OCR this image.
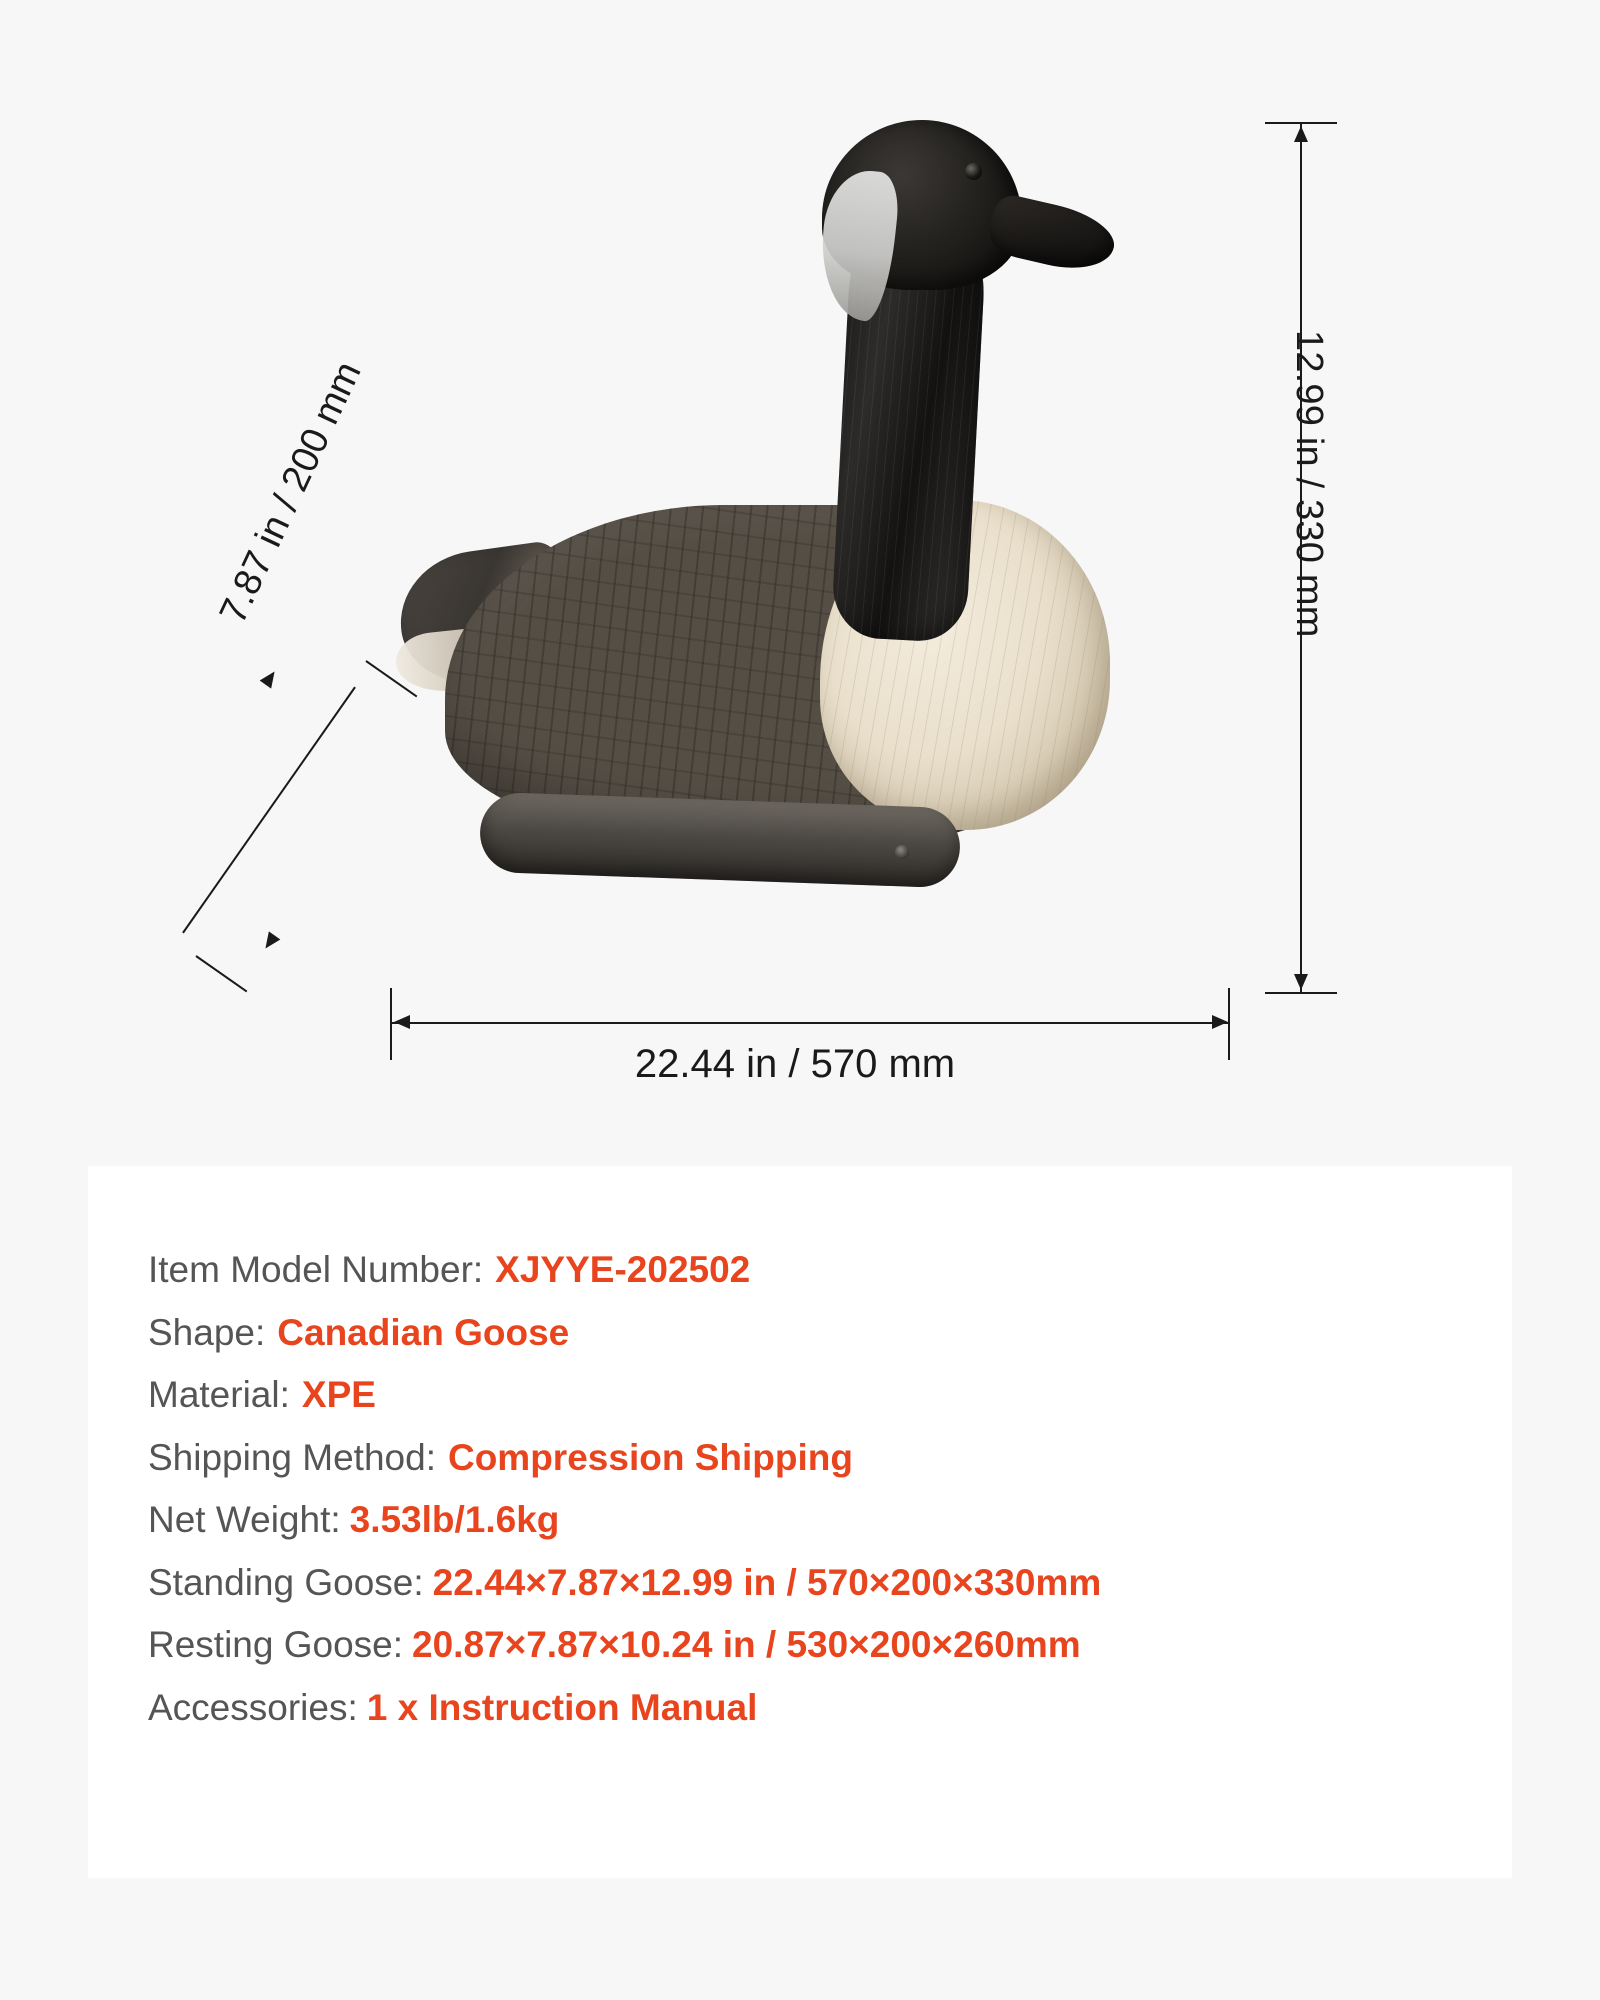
12.99 in / 330 mm
7.87 in / 200 mm
22.44 in / 570 mm
Item Model Number: XJYYE-202502
Shape: Canadian Goose
Material: XPE
Shipping Method: Compression Shipping
Net Weight: 3.53lb/1.6kg
Standing Goose: 22.44×7.87×12.99 in / 570×200×330mm
Resting Goose: 20.87×7.87×10.24 in / 530×200×260mm
Accessories: 1 x Instruction Manual
